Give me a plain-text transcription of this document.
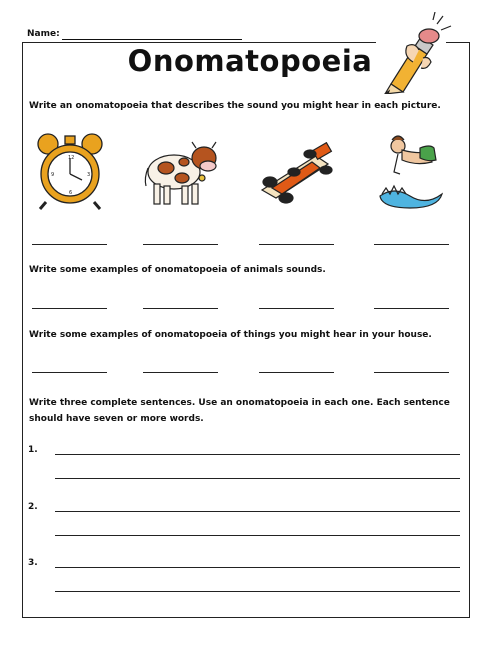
Name:
Onomatopoeia
Write an onomatopoeia that describes the sound you might hear in each picture.
12
3
6
9
Write some examples of onomatopoeia of animals sounds.
Write some examples of onomatopoeia of things you might hear in your house.
Write three complete sentences. Use an onomatopoeia in each one. Each sentence should have seven or more words.
1.
2.
3.
